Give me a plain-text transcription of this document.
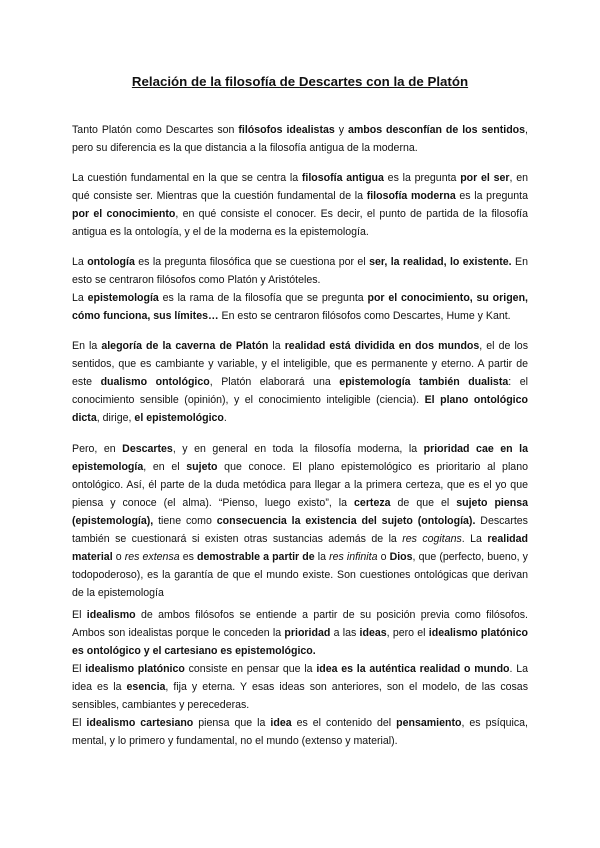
Relación de la filosofía de Descartes con la de Platón

Tanto Platón como Descartes son filósofos idealistas y ambos desconfían de los sentidos, pero su diferencia es la que distancia a la filosofía antigua de la moderna.

La cuestión fundamental en la que se centra la filosofía antigua es la pregunta por el ser, en qué consiste ser. Mientras que la cuestión fundamental de la filosofía moderna es la pregunta por el conocimiento, en qué consiste el conocer. Es decir, el punto de partida de la filosofía antigua es la ontología, y el de la moderna es la epistemología.

La ontología es la pregunta filosófica que se cuestiona por el ser, la realidad, lo existente. En esto se centraron filósofos como Platón y Aristóteles.

La epistemología es la rama de la filosofía que se pregunta por el conocimiento, su origen, cómo funciona, sus límites… En esto se centraron filósofos como Descartes, Hume y Kant.

En la alegoría de la caverna de Platón la realidad está dividida en dos mundos, el de los sentidos, que es cambiante y variable, y el inteligible, que es permanente y eterno. A partir de este dualismo ontológico, Platón elaborará una epistemología también dualista: el conocimiento sensible (opinión), y el conocimiento inteligible (ciencia). El plano ontológico dicta, dirige, el epistemológico.

Pero, en Descartes, y en general en toda la filosofía moderna, la prioridad cae en la epistemología, en el sujeto que conoce. El plano epistemológico es prioritario al plano ontológico. Así, él parte de la duda metódica para llegar a la primera certeza, que es el yo que piensa y conoce (el alma). “Pienso, luego existo”, la certeza de que el sujeto piensa (epistemología), tiene como consecuencia la existencia del sujeto (ontología). Descartes también se cuestionará si existen otras sustancias además de la res cogitans. La realidad material o res extensa es demostrable a partir de la res infinita o Dios, que (perfecto, bueno, y todopoderoso), es la garantía de que el mundo existe. Son cuestiones ontológicas que derivan de la epistemología

El idealismo de ambos filósofos se entiende a partir de su posición previa como filósofos. Ambos son idealistas porque le conceden la prioridad a las ideas, pero el idealismo platónico es ontológico y el cartesiano es epistemológico.

El idealismo platónico consiste en pensar que la idea es la auténtica realidad o mundo. La idea es la esencia, fija y eterna. Y esas ideas son anteriores, son el modelo, de las cosas sensibles, cambiantes y perecederas.

El idealismo cartesiano piensa que la idea es el contenido del pensamiento, es psíquica, mental, y lo primero y fundamental, no el mundo (extenso y material).
